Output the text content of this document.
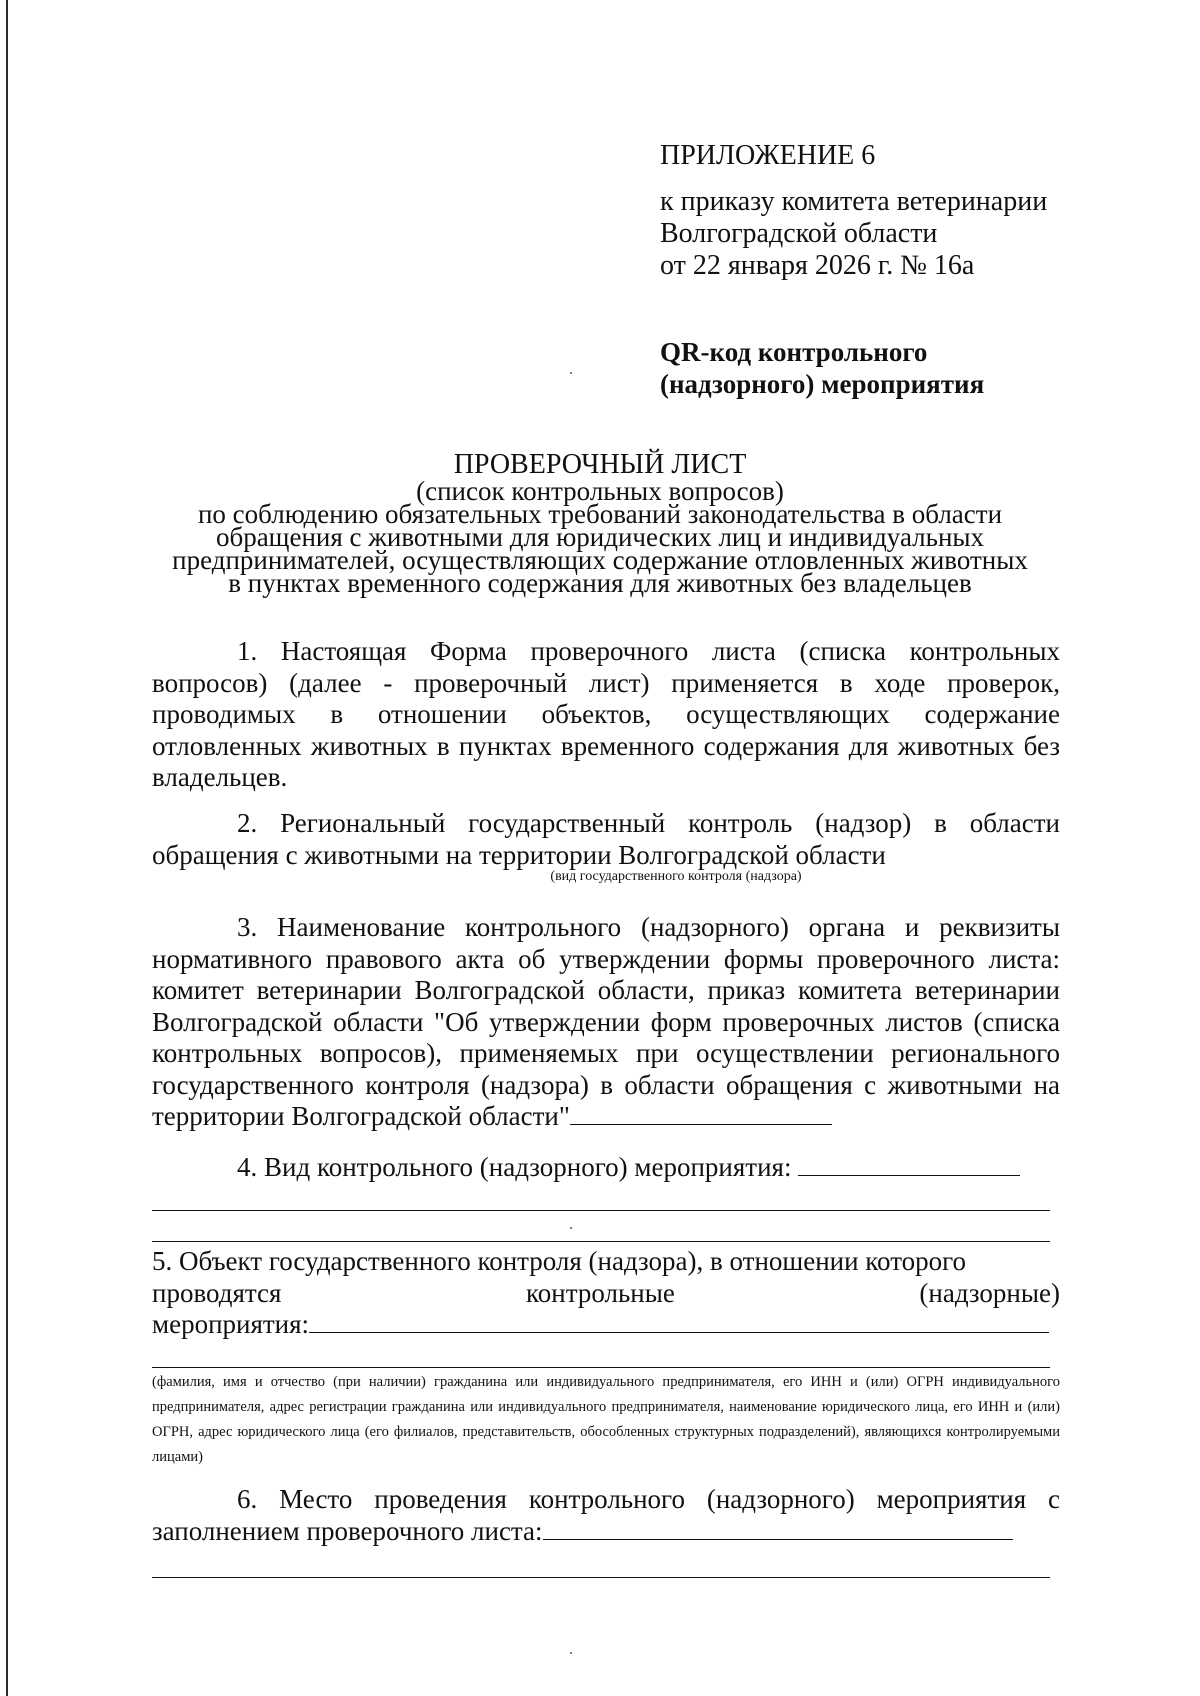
ПРИЛОЖЕНИЕ 6
к приказу комитета ветеринарии
Волгоградской области
от 22 января 2026 г. № 16а
QR-код контрольного
(надзорного) мероприятия
ПРОВЕРОЧНЫЙ ЛИСТ
(список контрольных вопросов)
по соблюдению обязательных требований законодательства в области
обращения с животными для юридических лиц и индивидуальных
предпринимателей, осуществляющих содержание отловленных животных
в пунктах временного содержания для животных без владельцев

1. Настоящая Форма проверочного листа (списка контрольных вопросов) (далее - проверочный лист) применяется в ходе проверок, проводимых в отношении объектов, осуществляющих содержание отловленных животных в пунктах временного содержания для животных без владельцев.

2. Региональный государственный контроль (надзор) в области обращения с животными на территории Волгоградской области

(вид государственного контроля (надзора)

3. Наименование контрольного (надзорного) органа и реквизиты нормативного правового акта об утверждении формы проверочного листа: комитет ветеринарии Волгоградской области, приказ комитета ветеринарии Волгоградской области "Об утверждении форм проверочных листов (списка контрольных вопросов), применяемых при осуществлении регионального государственного контроля (надзора) в области обращения с животными на территории Волгоградской области"

4. Вид контрольного (надзорного) мероприятия:

5. Объект государственного контроля (надзора), в отношении которого

проводятся	контрольные	(надзорные)

мероприятия:

(фамилия, имя и отчество (при наличии) гражданина или индивидуального предпринимателя, его ИНН и (или) ОГРН индивидуального предпринимателя, адрес регистрации гражданина или индивидуального предпринимателя, наименование юридического лица, его ИНН и (или) ОГРН, адрес юридического лица (его филиалов, представительств, обособленных структурных подразделений), являющихся контролируемыми лицами)

6. Место проведения контрольного (надзорного) мероприятия с заполнением проверочного листа:
